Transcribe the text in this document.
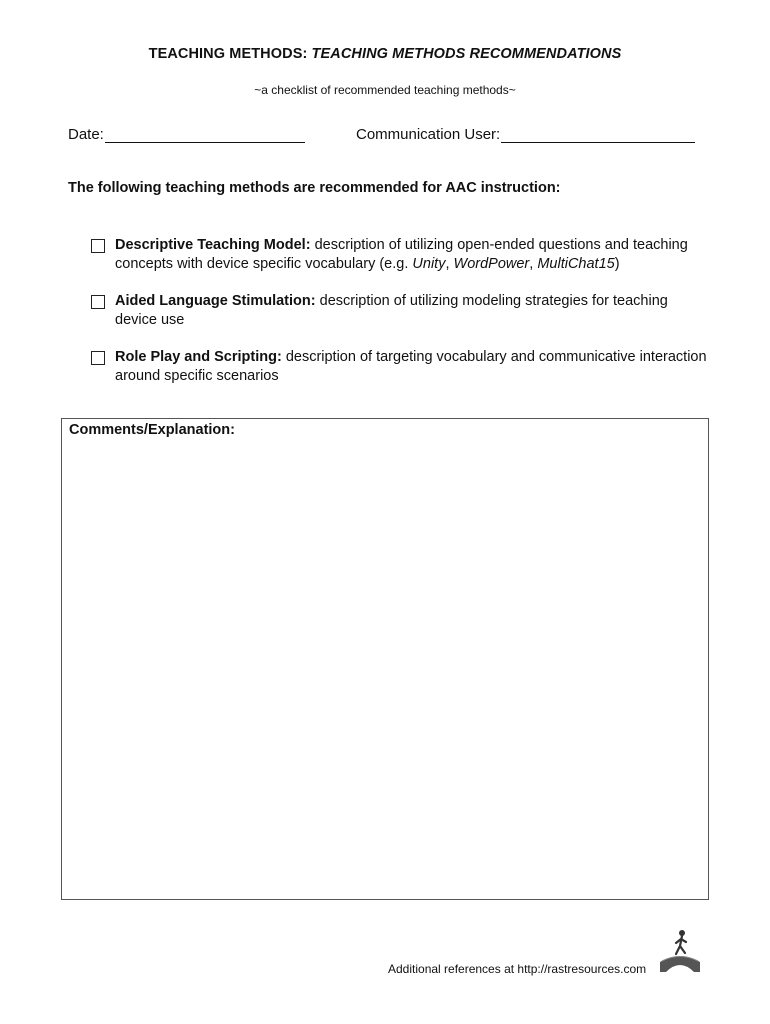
TEACHING METHODS: TEACHING METHODS RECOMMENDATIONS
~a checklist of recommended teaching methods~
Date:	Communication User:
The following teaching methods are recommended for AAC instruction:
Descriptive Teaching Model: description of utilizing open-ended questions and teaching concepts with device specific vocabulary (e.g. Unity, WordPower, MultiChat15)
Aided Language Stimulation: description of utilizing modeling strategies for teaching device use
Role Play and Scripting: description of targeting vocabulary and communicative interaction around specific scenarios
Comments/Explanation:
Additional references at http://rastresources.com
